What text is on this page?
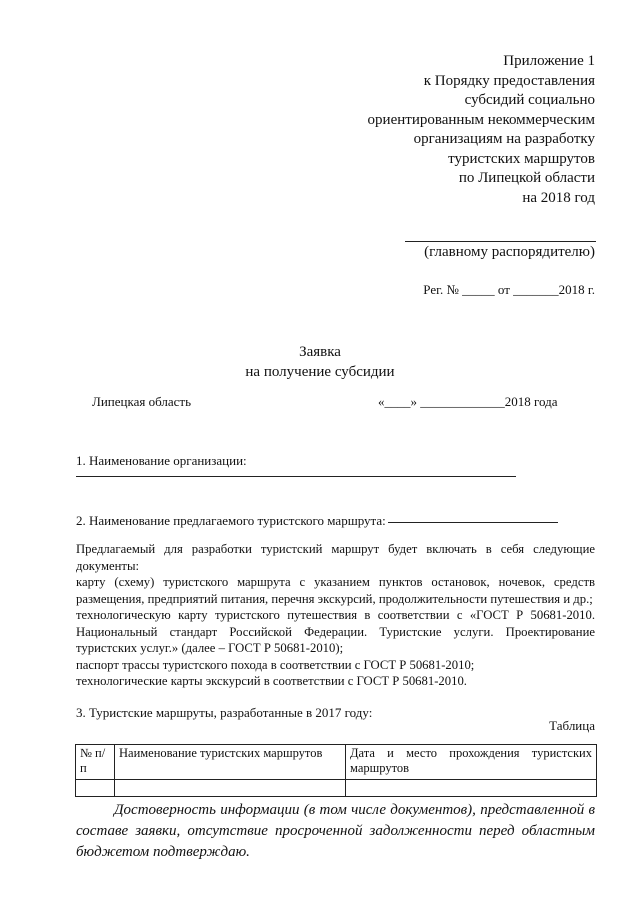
Приложение 1
к Порядку предоставления
субсидий социально
ориентированным некоммерческим
организациям на разработку
туристских маршрутов
по Липецкой области
на 2018 год
(главному распорядителю)
Рег. № _____ от _______2018 г.
Заявка
на получение субсидии
Липецкая область	«____» _____________2018 года
1. Наименование организации:
2. Наименование предлагаемого туристского маршрута:

Предлагаемый для разработки туристский маршрут будет включать в себя следующие документы:

карту (схему) туристского маршрута с указанием пунктов остановок, ночевок, средств размещения, предприятий питания, перечня экскурсий, продолжительности путешествия и др.;

технологическую карту туристского путешествия в соответствии с «ГОСТ Р 50681-2010. Национальный стандарт Российской Федерации. Туристские услуги. Проектирование туристских услуг.» (далее – ГОСТ Р 50681-2010);

паспорт трассы туристского похода в соответствии с ГОСТ Р 50681-2010;

технологические карты экскурсий в соответствии с ГОСТ Р 50681-2010.

3. Туристские маршруты, разработанные в 2017 году:
Таблица
№ п/п	Наименование туристских маршрутов	Дата и место прохождения туристских маршрутов

Достоверность информации (в том числе документов), представленной в составе заявки, отсутствие просроченной задолженности перед областным бюджетом подтверждаю.
